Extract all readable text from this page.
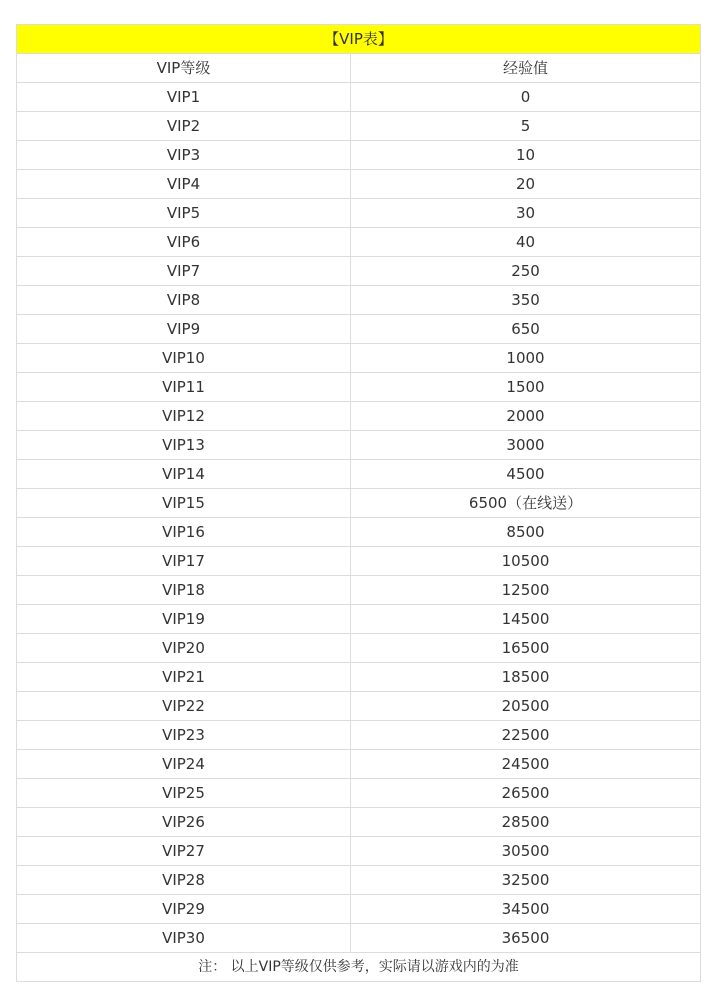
【VIP表】	
VIP等级	经验值
VIP1	0
VIP2	5
VIP3	10
VIP4	20
VIP5	30
VIP6	40
VIP7	250
VIP8	350
VIP9	650
VIP10	1000
VIP11	1500
VIP12	2000
VIP13	3000
VIP14	4500
VIP15	6500（在线送）
VIP16	8500
VIP17	10500
VIP18	12500
VIP19	14500
VIP20	16500
VIP21	18500
VIP22	20500
VIP23	22500
VIP24	24500
VIP25	26500
VIP26	28500
VIP27	30500
VIP28	32500
VIP29	34500
VIP30	36500
注： 以上VIP等级仅供参考，实际请以游戏内的为准	
